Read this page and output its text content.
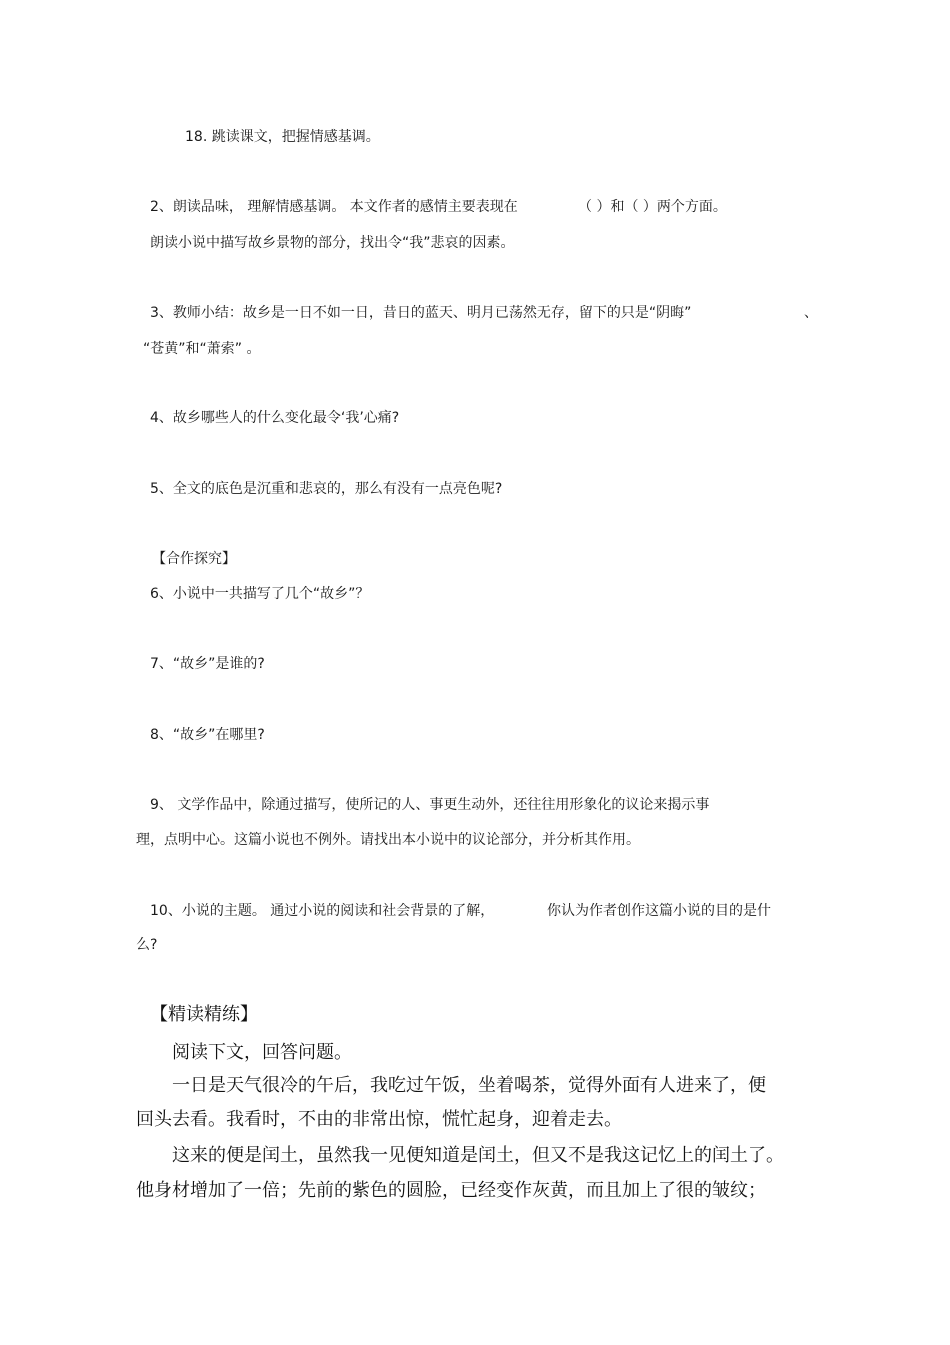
18. 跳读课文，把握情感基调。
2、朗读品味， 理解情感基调。 本文作者的感情主要表现在	（ ）和（ ）两个方面。
朗读小说中描写故乡景物的部分，找出令“我”悲哀的因素。
3、教师小结：故乡是一日不如一日，昔日的蓝天、明月已荡然无存，留下的只是“阴晦”	、
“苍黄”和“萧索” 。
4、故乡哪些人的什么变化最令‘我’心痛?
5、全文的底色是沉重和悲哀的，那么有没有一点亮色呢?
【合作探究】
6、小说中一共描写了几个“故乡”？
7、“故乡”是谁的?
8、“故乡”在哪里?
9、 文学作品中，除通过描写，使所记的人、事更生动外，还往往用形象化的议论来揭示事
理，点明中心。这篇小说也不例外。请找出本小说中的议论部分，并分析其作用。
10、小说的主题。 通过小说的阅读和社会背景的了解，	你认为作者创作这篇小说的目的是什
么?
【精读精练】
阅读下文，回答问题。
一日是天气很冷的午后，我吃过午饭，坐着喝茶，觉得外面有人进来了，便
回头去看。我看时，不由的非常出惊，慌忙起身，迎着走去。
这来的便是闰土，虽然我一见便知道是闰土，但又不是我这记忆上的闰土了。
他身材增加了一倍；先前的紫色的圆脸，已经变作灰黄，而且加上了很的皱纹；
